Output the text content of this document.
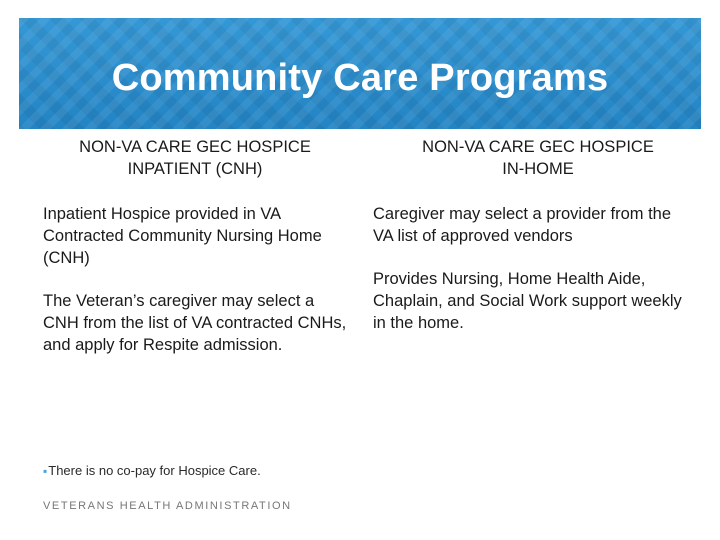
Community Care Programs
NON-VA CARE GEC HOSPICE
INPATIENT (CNH)
NON-VA CARE GEC HOSPICE
IN-HOME

Inpatient Hospice provided in VA Contracted Community Nursing Home (CNH)

The Veteran’s caregiver may select a CNH from the list of VA contracted CNHs, and apply for Respite admission.

Caregiver may select a provider from the VA list of approved vendors

Provides Nursing, Home Health Aide, Chaplain, and Social Work support weekly in the home.

▪There is no co-pay for Hospice Care.
VETERANS HEALTH ADMINISTRATION
